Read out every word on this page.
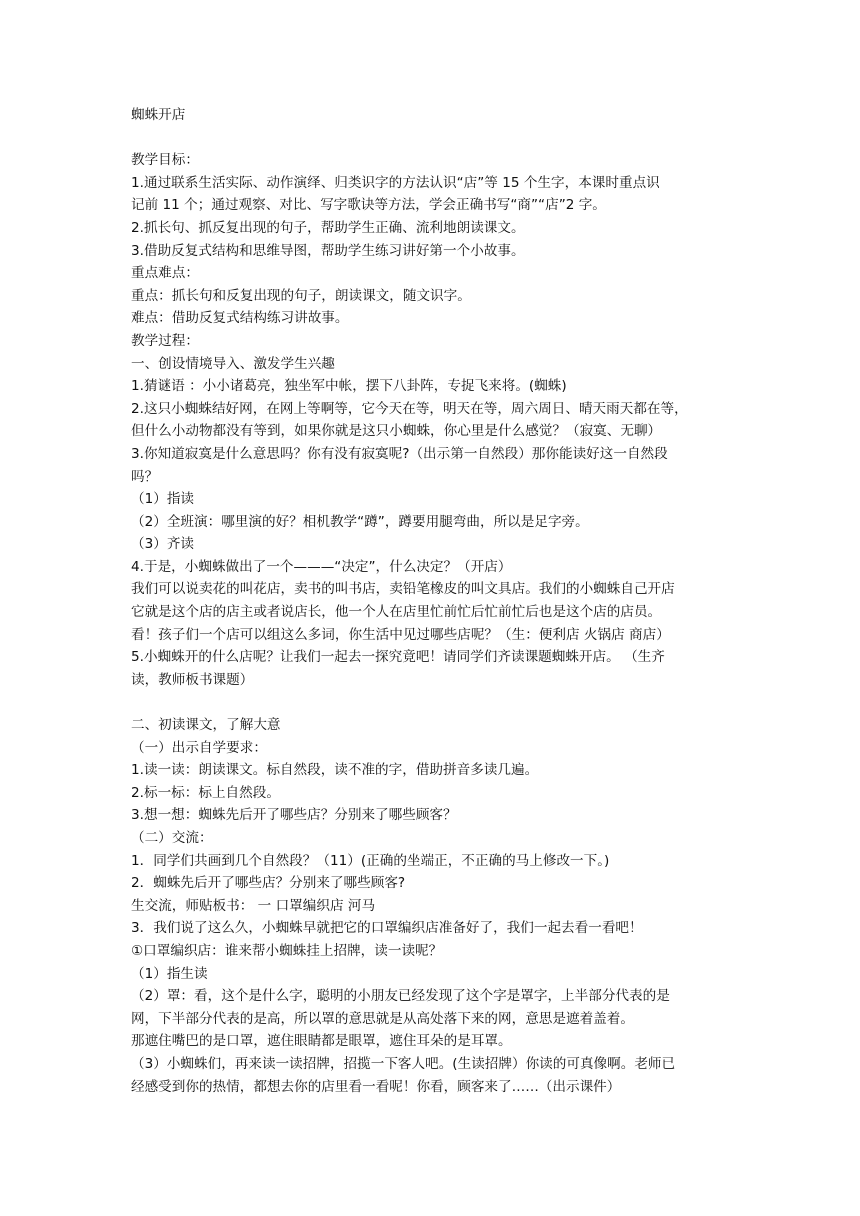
蜘蛛开店
教学目标：
1.通过联系生活实际、动作演绎、归类识字的方法认识“店”等 15 个生字，本课时重点识
记前 11 个；通过观察、对比、写字歌诀等方法，学会正确书写“商”“店”2 字。
2.抓长句、抓反复出现的句子，帮助学生正确、流利地朗读课文。
3.借助反复式结构和思维导图，帮助学生练习讲好第一个小故事。
重点难点：
重点：抓长句和反复出现的句子，朗读课文，随文识字。
难点：借助反复式结构练习讲故事。
教学过程：
一、创设情境导入、激发学生兴趣
1.猜谜语 ：小小诸葛亮，独坐军中帐，摆下八卦阵，专捉飞来将。(蜘蛛)
2.这只小蜘蛛结好网，在网上等啊等，它今天在等，明天在等，周六周日、晴天雨天都在等，
但什么小动物都没有等到，如果你就是这只小蜘蛛，你心里是什么感觉？（寂寞、无聊）
3.你知道寂寞是什么意思吗？你有没有寂寞呢?（出示第一自然段）那你能读好这一自然段
吗？
（1）指读
（2）全班演：哪里演的好？相机教学“蹲”，蹲要用腿弯曲，所以是足字旁。
（3）齐读
4.于是，小蜘蛛做出了一个———“决定”，什么决定？（开店）
我们可以说卖花的叫花店，卖书的叫书店，卖铅笔橡皮的叫文具店。我们的小蜘蛛自己开店
它就是这个店的店主或者说店长，他一个人在店里忙前忙后忙前忙后也是这个店的店员。
看！孩子们一个店可以组这么多词，你生活中见过哪些店呢？（生：便利店 火锅店 商店）
5.小蜘蛛开的什么店呢？让我们一起去一探究竟吧！请同学们齐读课题蜘蛛开店。 （生齐
读，教师板书课题）
二、初读课文，了解大意
（一）出示自学要求：
1.读一读：朗读课文。标自然段，读不准的字，借助拼音多读几遍。
2.标一标：标上自然段。
3.想一想：蜘蛛先后开了哪些店？分别来了哪些顾客？
（二）交流：
1．同学们共画到几个自然段？（11）(正确的坐端正，不正确的马上修改一下。)
2．蜘蛛先后开了哪些店？分别来了哪些顾客?
生交流，师贴板书： 一 口罩编织店 河马
3．我们说了这么久，小蜘蛛早就把它的口罩编织店准备好了，我们一起去看一看吧！
①口罩编织店：谁来帮小蜘蛛挂上招牌，读一读呢？
（1）指生读
（2）罩：看，这个是什么字，聪明的小朋友已经发现了这个字是罩字，上半部分代表的是
网，下半部分代表的是高，所以罩的意思就是从高处落下来的网，意思是遮着盖着。
那遮住嘴巴的是口罩，遮住眼睛都是眼罩，遮住耳朵的是耳罩。
（3）小蜘蛛们，再来读一读招牌，招揽一下客人吧。(生读招牌）你读的可真像啊。老师已
经感受到你的热情，都想去你的店里看一看呢！你看，顾客来了……（出示课件）
